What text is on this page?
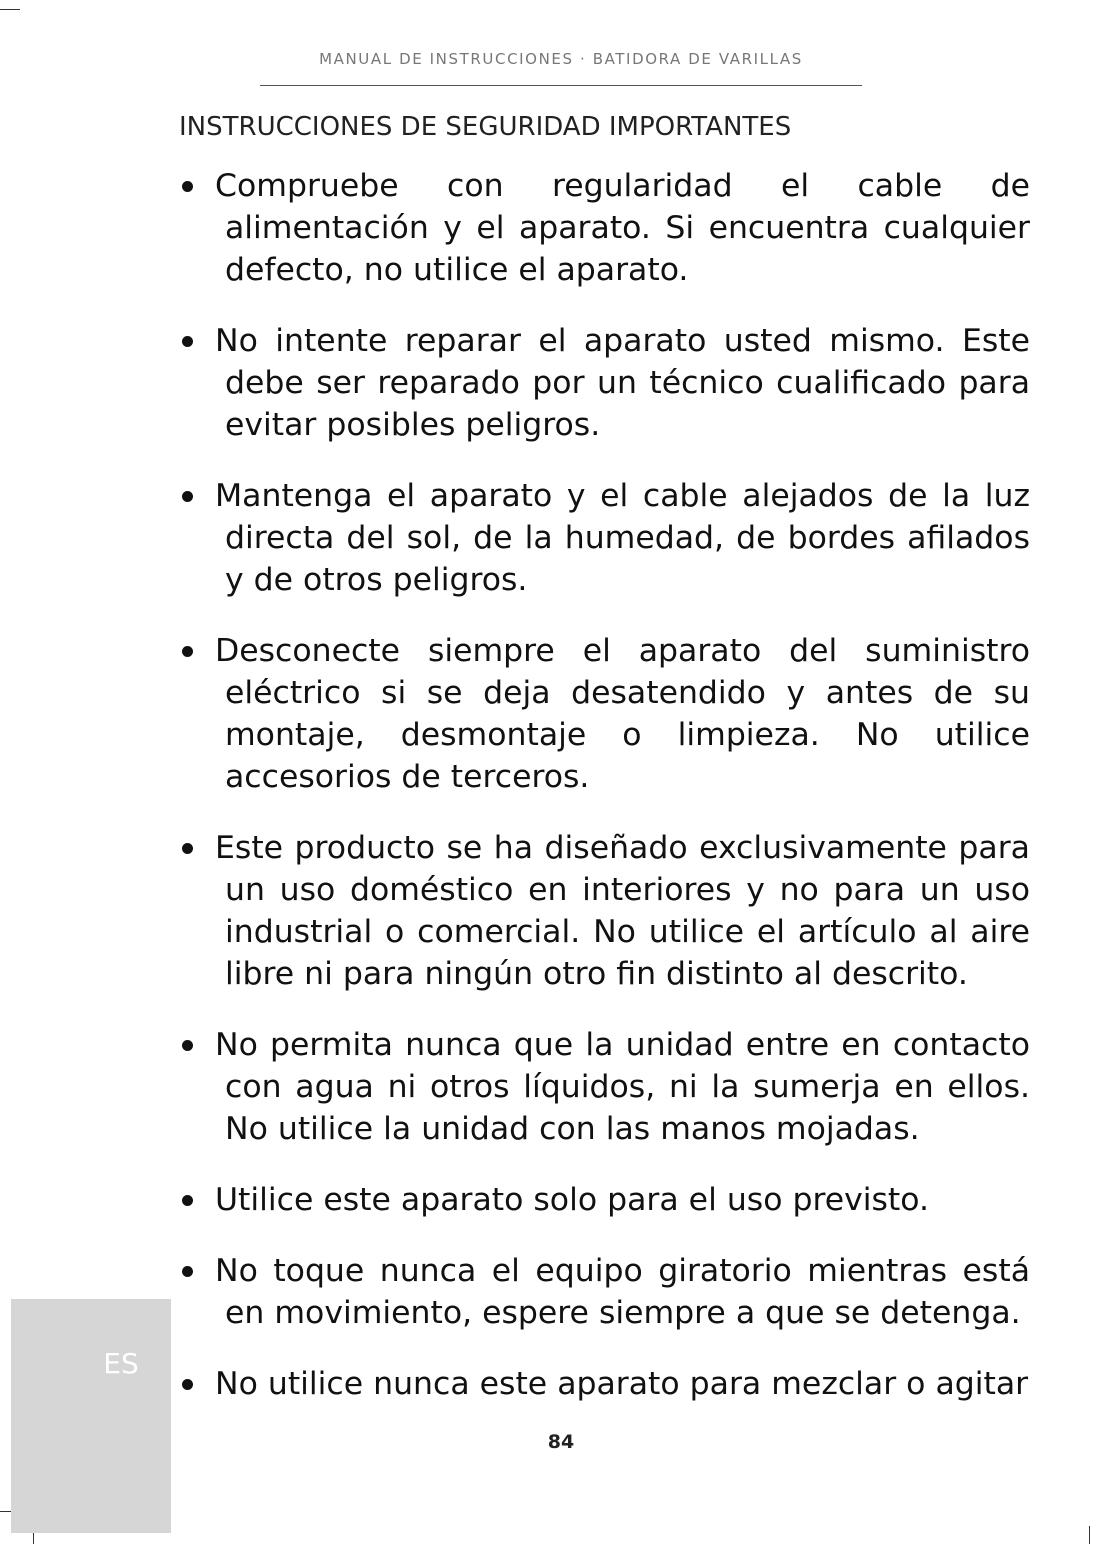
MANUAL DE INSTRUCCIONES · BATIDORA DE VARILLAS
INSTRUCCIONES DE SEGURIDAD IMPORTANTES
Compruebe con regularidad el cable de alimentación y el aparato. Si encuentra cualquier defecto, no utilice el aparato.
No intente reparar el aparato usted mismo. Este debe ser reparado por un técnico cualificado para evitar posibles peligros.
Mantenga el aparato y el cable alejados de la luz directa del sol, de la humedad, de bordes afilados y de otros peligros.
Desconecte siempre el aparato del suministro eléctrico si se deja desatendido y antes de su montaje, desmontaje o limpieza. No utilice accesorios de terceros.
Este producto se ha diseñado exclusivamente para un uso doméstico en interiores y no para un uso industrial o comercial. No utilice el artículo al aire libre ni para ningún otro fin distinto al descrito.
No permita nunca que la unidad entre en contacto con agua ni otros líquidos, ni la sumerja en ellos. No utilice la unidad con las manos mojadas.
Utilice este aparato solo para el uso previsto.
No toque nunca el equipo giratorio mientras está en movimiento, espere siempre a que se detenga.
No utilice nunca este aparato para mezclar o agitar
ES
84
